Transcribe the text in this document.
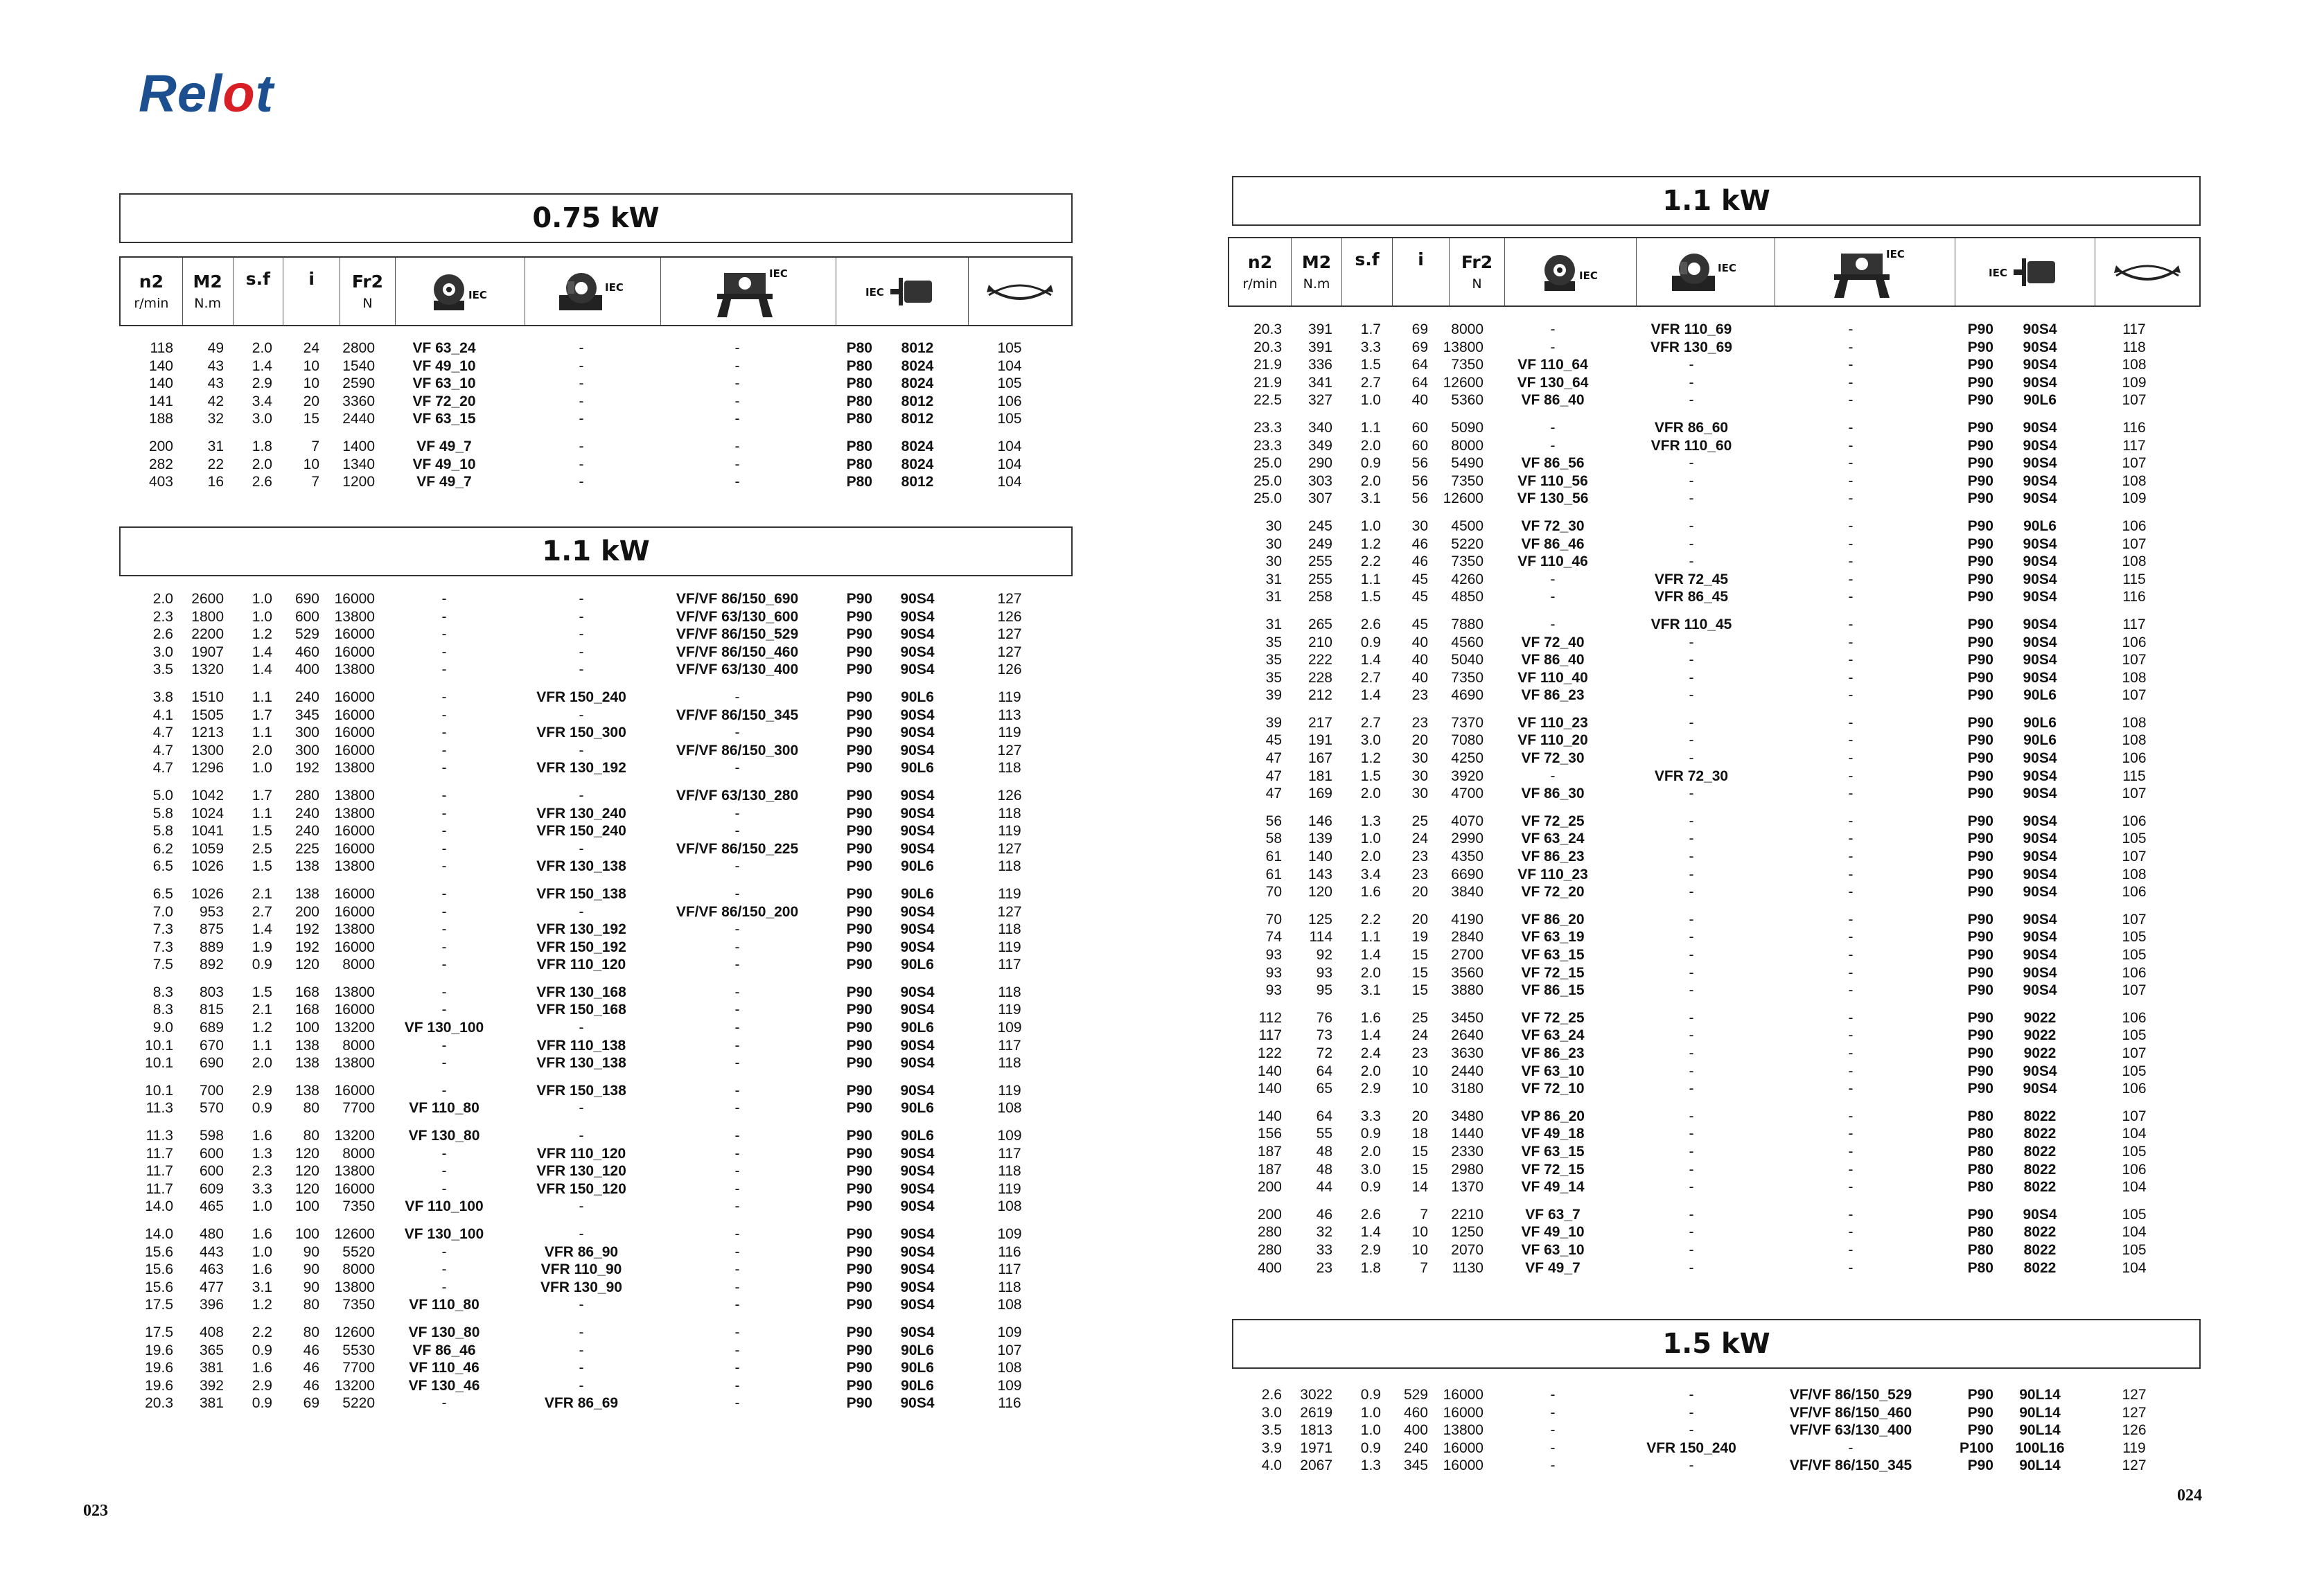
Relot
023
024
0.75 kW
1.1 kW
1.1 kW
1.5 kW
n2
r/min
M2
N.m
s.f i Fr2
N
IEC
IEC
IEC
IEC
n2
r/min
M2
N.m
s.f i Fr2
N
IEC
IEC
IEC
IEC
118	49	2.0	24	2800	VF 63_24	-	-	P80	8012	105
140	43	1.4	10	1540	VF 49_10	-	-	P80	8024	104
140	43	2.9	10	2590	VF 63_10	-	-	P80	8024	105
141	42	3.4	20	3360	VF 72_20	-	-	P80	8012	106
188	32	3.0	15	2440	VF 63_15	-	-	P80	8012	105
200	31	1.8	7	1400	VF 49_7	-	-	P80	8024	104
282	22	2.0	10	1340	VF 49_10	-	-	P80	8024	104
403	16	2.6	7	1200	VF 49_7	-	-	P80	8012	104
2.0	2600	1.0	690	16000	-	-	VF/VF 86/150_690	P90	90S4	127
2.3	1800	1.0	600	13800	-	-	VF/VF 63/130_600	P90	90S4	126
2.6	2200	1.2	529	16000	-	-	VF/VF 86/150_529	P90	90S4	127
3.0	1907	1.4	460	16000	-	-	VF/VF 86/150_460	P90	90S4	127
3.5	1320	1.4	400	13800	-	-	VF/VF 63/130_400	P90	90S4	126
3.8	1510	1.1	240	16000	-	VFR 150_240	-	P90	90L6	119
4.1	1505	1.7	345	16000	-	-	VF/VF 86/150_345	P90	90S4	113
4.7	1213	1.1	300	16000	-	VFR 150_300	-	P90	90S4	119
4.7	1300	2.0	300	16000	-	-	VF/VF 86/150_300	P90	90S4	127
4.7	1296	1.0	192	13800	-	VFR 130_192	-	P90	90L6	118
5.0	1042	1.7	280	13800	-	-	VF/VF 63/130_280	P90	90S4	126
5.8	1024	1.1	240	13800	-	VFR 130_240	-	P90	90S4	118
5.8	1041	1.5	240	16000	-	VFR 150_240	-	P90	90S4	119
6.2	1059	2.5	225	16000	-	-	VF/VF 86/150_225	P90	90S4	127
6.5	1026	1.5	138	13800	-	VFR 130_138	-	P90	90L6	118
6.5	1026	2.1	138	16000	-	VFR 150_138	-	P90	90L6	119
7.0	953	2.7	200	16000	-	-	VF/VF 86/150_200	P90	90S4	127
7.3	875	1.4	192	13800	-	VFR 130_192	-	P90	90S4	118
7.3	889	1.9	192	16000	-	VFR 150_192	-	P90	90S4	119
7.5	892	0.9	120	8000	-	VFR 110_120	-	P90	90L6	117
8.3	803	1.5	168	13800	-	VFR 130_168	-	P90	90S4	118
8.3	815	2.1	168	16000	-	VFR 150_168	-	P90	90S4	119
9.0	689	1.2	100	13200	VF 130_100	-	-	P90	90L6	109
10.1	670	1.1	138	8000	-	VFR 110_138	-	P90	90S4	117
10.1	690	2.0	138	13800	-	VFR 130_138	-	P90	90S4	118
10.1	700	2.9	138	16000	-	VFR 150_138	-	P90	90S4	119
11.3	570	0.9	80	7700	VF 110_80	-	-	P90	90L6	108
11.3	598	1.6	80	13200	VF 130_80	-	-	P90	90L6	109
11.7	600	1.3	120	8000	-	VFR 110_120	-	P90	90S4	117
11.7	600	2.3	120	13800	-	VFR 130_120	-	P90	90S4	118
11.7	609	3.3	120	16000	-	VFR 150_120	-	P90	90S4	119
14.0	465	1.0	100	7350	VF 110_100	-	-	P90	90S4	108
14.0	480	1.6	100	12600	VF 130_100	-	-	P90	90S4	109
15.6	443	1.0	90	5520	-	VFR 86_90	-	P90	90S4	116
15.6	463	1.6	90	8000	-	VFR 110_90	-	P90	90S4	117
15.6	477	3.1	90	13800	-	VFR 130_90	-	P90	90S4	118
17.5	396	1.2	80	7350	VF 110_80	-	-	P90	90S4	108
17.5	408	2.2	80	12600	VF 130_80	-	-	P90	90S4	109
19.6	365	0.9	46	5530	VF 86_46	-	-	P90	90L6	107
19.6	381	1.6	46	7700	VF 110_46	-	-	P90	90L6	108
19.6	392	2.9	46	13200	VF 130_46	-	-	P90	90L6	109
20.3	381	0.9	69	5220	-	VFR 86_69	-	P90	90S4	116
20.3	391	1.7	69	8000	-	VFR 110_69	-	P90	90S4	117
20.3	391	3.3	69	13800	-	VFR 130_69	-	P90	90S4	118
21.9	336	1.5	64	7350	VF 110_64	-	-	P90	90S4	108
21.9	341	2.7	64	12600	VF 130_64	-	-	P90	90S4	109
22.5	327	1.0	40	5360	VF 86_40	-	-	P90	90L6	107
23.3	340	1.1	60	5090	-	VFR 86_60	-	P90	90S4	116
23.3	349	2.0	60	8000	-	VFR 110_60	-	P90	90S4	117
25.0	290	0.9	56	5490	VF 86_56	-	-	P90	90S4	107
25.0	303	2.0	56	7350	VF 110_56	-	-	P90	90S4	108
25.0	307	3.1	56	12600	VF 130_56	-	-	P90	90S4	109
30	245	1.0	30	4500	VF 72_30	-	-	P90	90L6	106
30	249	1.2	46	5220	VF 86_46	-	-	P90	90S4	107
30	255	2.2	46	7350	VF 110_46	-	-	P90	90S4	108
31	255	1.1	45	4260	-	VFR 72_45	-	P90	90S4	115
31	258	1.5	45	4850	-	VFR 86_45	-	P90	90S4	116
31	265	2.6	45	7880	-	VFR 110_45	-	P90	90S4	117
35	210	0.9	40	4560	VF 72_40	-	-	P90	90S4	106
35	222	1.4	40	5040	VF 86_40	-	-	P90	90S4	107
35	228	2.7	40	7350	VF 110_40	-	-	P90	90S4	108
39	212	1.4	23	4690	VF 86_23	-	-	P90	90L6	107
39	217	2.7	23	7370	VF 110_23	-	-	P90	90L6	108
45	191	3.0	20	7080	VF 110_20	-	-	P90	90L6	108
47	167	1.2	30	4250	VF 72_30	-	-	P90	90S4	106
47	181	1.5	30	3920	-	VFR 72_30	-	P90	90S4	115
47	169	2.0	30	4700	VF 86_30	-	-	P90	90S4	107
56	146	1.3	25	4070	VF 72_25	-	-	P90	90S4	106
58	139	1.0	24	2990	VF 63_24	-	-	P90	90S4	105
61	140	2.0	23	4350	VF 86_23	-	-	P90	90S4	107
61	143	3.4	23	6690	VF 110_23	-	-	P90	90S4	108
70	120	1.6	20	3840	VF 72_20	-	-	P90	90S4	106
70	125	2.2	20	4190	VF 86_20	-	-	P90	90S4	107
74	114	1.1	19	2840	VF 63_19	-	-	P90	90S4	105
93	92	1.4	15	2700	VF 63_15	-	-	P90	90S4	105
93	93	2.0	15	3560	VF 72_15	-	-	P90	90S4	106
93	95	3.1	15	3880	VF 86_15	-	-	P90	90S4	107
112	76	1.6	25	3450	VF 72_25	-	-	P90	9022	106
117	73	1.4	24	2640	VF 63_24	-	-	P90	9022	105
122	72	2.4	23	3630	VF 86_23	-	-	P90	9022	107
140	64	2.0	10	2440	VF 63_10	-	-	P90	90S4	105
140	65	2.9	10	3180	VF 72_10	-	-	P90	90S4	106
140	64	3.3	20	3480	VP 86_20	-	-	P80	8022	107
156	55	0.9	18	1440	VF 49_18	-	-	P80	8022	104
187	48	2.0	15	2330	VF 63_15	-	-	P80	8022	105
187	48	3.0	15	2980	VF 72_15	-	-	P80	8022	106
200	44	0.9	14	1370	VF 49_14	-	-	P80	8022	104
200	46	2.6	7	2210	VF 63_7	-	-	P90	90S4	105
280	32	1.4	10	1250	VF 49_10	-	-	P80	8022	104
280	33	2.9	10	2070	VF 63_10	-	-	P80	8022	105
400	23	1.8	7	1130	VF 49_7	-	-	P80	8022	104
2.6	3022	0.9	529	16000	-	-	VF/VF 86/150_529	P90	90L14	127
3.0	2619	1.0	460	16000	-	-	VF/VF 86/150_460	P90	90L14	127
3.5	1813	1.0	400	13800	-	-	VF/VF 63/130_400	P90	90L14	126
3.9	1971	0.9	240	16000	-	VFR 150_240	-	P100	100L16	119
4.0	2067	1.3	345	16000	-	-	VF/VF 86/150_345	P90	90L14	127
